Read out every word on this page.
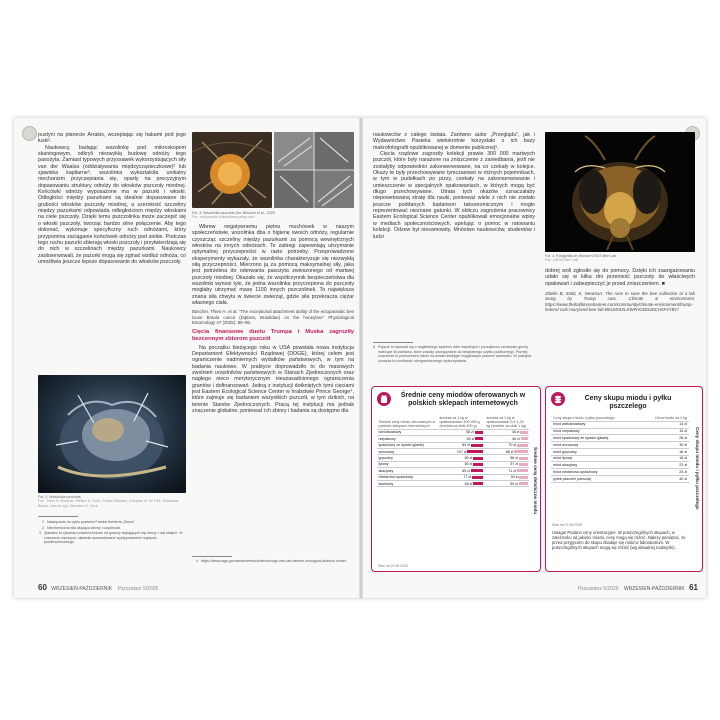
pustyni na planecie Arrakis, wczepiając się hakami pod jego łuski¹.

Naukowcy, badając wszolinkę pod mikroskopem skaningowym, odkryli niezwykłą budowę odnóży tego pasożyta. Zamiast typowych przyssawek wykorzystujących siły van der Waalsa (oddziaływania międzycząsteczkowe)² lub zjawiska kapilarne³, wszolinka wykształciła unikalny mechanizm przyczepiania się, oparty na precyzyjnym dopasowaniu struktury odnóży do włosków pszczoły miodnej. Końcówki odnóży wyposażone ma w pazurki i włoski. Odległości między pazurkami są idealnie dopasowane do grubości włosków pszczoły miodnej, a szerokość szczeliny między pazurkami odpowiada odległościom między włoskami na ciele pszczoły. Dzięki temu pszczolinka może zaczepić się o włoski pszczoły, tworząc bardzo silne połączenie. Aby tego dokonać, wykonuje specyficzny ruch odnóżami, który przypomina zaciąganie końcówek odnóży pod siebie. Podczas tego ruchu pazurki zbierają włoski pszczoły i przytwierdzają się do nich w szczelinach między pazurkami. Naukowcy zaobserwowali, że pazurki mogą się zginać wzdłuż odnóża, co umożliwia jeszcze lepsze dopasowanie do włosków pszczoły.

Fot. 2. Wszolinka pszczela.
Fot.: Thies H. Büscher, Steffen N. Gorb, Fabian Bäumer, Christian W. W. Pirk, Sebastian Büsse, Lars Krogh, Stanislav N. Gorb
1 Nawiązanie do cyklu powieści Franka Herberta „Diuna”.
2 Niechemiczna siła wiążąca atomy i cząsteczki.
3 Zjawisko to zjawisko powierzchniowe na granicy stykających się cieczy i ciał stałych. W znaczeniu węższym: zjawisko spowodowane występowaniem napięcia powierzchniowego.
Fot. 3. Wszolinka pszczela (fot. Büscher et al., 2025
Fot.: resjournals.onlinelibrary.wiley.com

Wbrew negatywnemu piętnu muchówek w naszym społeczeństwie, wszolinka dba o higienę swoich odnóży, regularnie czyszcząc szczeliny między pazurkami za pomocą wewnętrznych włosków na innych odnóżach. Te zabiegi zapewniają utrzymanie optymalnej przyczepności w razie potrzeby. Przeprowadzone eksperymenty wykazały, że wszolinka charakteryzuje się niezwykłą siłą przyczepności. Mierzono ją za pomocą maksymalnej siły, jaka jest potrzebna do oderwania pasożyta zwieszonego od martwej pszczoły miodnej. Okazało się, że współczynnik bezpieczeństwa dla wszolinki wynosi tyle, że jedna wszolinka przyczepiona do pszczoły mogłaby utrzymać masę 1100 innych pszczolinek. To największa znana siła chwytu w świecie zwierząt, gdzie siła przekracza ciężar własnego ciała.

Büscher, Thies H. et al. "The exceptional attachment ability of the ectoparasitic bee louse Braula coeca (Diptera, Braulidae) on the honeybee" Physiological Entomology 47 (2025): 85–95.
Cięcia finansowe duetu Trumpa i Muska zagroziły bezcennym zbiorom pszczół

Na początku bieżącego roku w USA powstała nowa instytucja Departament Efektywności Rządowej (DOGE), której celem jest ograniczenie nadmiernych wydatków państwowych, w tym na badania naukowe. W praktyce doprowadziło to do masowych zwolnień urzędników państwowych w Stanach Zjednoczonych oraz nagłego nieco merytorycznym nieuzasadnionego ograniczenia grantów i dofinansowań. Jedną z instytucji dotkniętych tymi cięciami jest Eastern Ecological Science Center w hrabstwie Prince George⁴, które zajmuje się badaniem wszystkich pszczół, w tym dzikich, na terenie Stanów Zjednoczonych. Pracą tej instytucji ma jednak znaczenie globalne, ponieważ ich zbiory i badania są dostępne dla

4 https://www.usgs.gov/centers/eesc/science/usgs-bee-lab-eastern-ecological-science-center.
60 WRZESIEŃ-PAŹDZIERNIK Pszczelarz 5/2025

naukowców z całego świata. Zarówno autor „Przeglądu”, jak i Wydawnictwo Pasieka wielokrotnie korzystało z ich bazy makrofotografii opublikowanej w domenie publicznej⁵.

Cięcia rządowe zagroziły kolekcji prawie 300 000 martwych pszczół, które były narażone na zniszczenie z zaniedbania, jeśli nie zostałyby odpowiednio zakonserwowane, na co czekały w kolejce. Okazy te były przechowywane tymczasowo w różnych pojemnikach, w tym w pudełkach po pizzy, czekały na zakonserwowanie i umieszczenie w specjalnych opakowaniach, w których mogą być długo przechowywane. Utrata tych okazów oznaczałaby niepowetowaną stratę dla nauki, ponieważ wiele z nich nie zostało jeszcze poddanych badaniom taksonomicznym i mogło reprezentować nieznane gatunki. W obliczu zagrożenia pracownicy Eastern Ecological Science Center opublikowali emocjonalne wpisy w mediach społecznościowych, apelując o pomoc w ratowaniu kolekcji. Odzew był niesamowity. Mnóstwo naukowców, studentów i ludzi

5 Pojęcie to wywodzi się z angielskiego systemu dóbr wspólnych i początkowo oznaczało grunty należące do państwa, które zostały udostępnione do bezpłatnego użytku publicznego. Później znaczenie to przeniesiono także na dzieła nieobjęte majątkowym prawem autorskim. W praktyce oznacza to możliwość nieograniczonego wykorzystania.
Fot. 4. Fotografia ze zbiorów USGS Bee Lab
Fot.: USGS Bee Lab

dobrej woli zgłosiło się do pomocy. Dzięki ich zaangażowaniu udało się w kilka dni przenieść pszczoły do właściwych opakowań i zabezpieczyć je przed zniszczeniem. ■

Zitiello B, Snitti, K, Newman. The race to save the bee collection at a lab stung by Trump cuts, Climate & environment, https://www.thebaltimorebanner.com/community/climate-environment/trump-federal-cuts-maryland-bee-lab-BKUWSXLKWFHGDD3DCH5F4YBY/
Średnie ceny miodów oferowanych w polskich sklepach internetowych
Średnie ceny detaliczne miodu
Średnie ceny miodu oferowanych w polskich sklepach internetowych	średnia za 1 kg w opakowaniach 400-450 g (średnia za słoik 400 g)	średnia za 1 kg w opakowaniach 0,9-1,25 kg (średnia za słoik 1 kg)
wielokwiatowy	58 zł	48 zł
rzepakowy	55 zł	46 zł
spadziowy ze spadzi iglastej	84 zł	70 zł
wrzosowy	107 zł	88 zł
gryczany	69 zł	58 zł
lipowy	69 zł	57 zł
akacjowy	85 zł	71 zł
nektarowo-spadziowy	77 zł	54 zł
faceliowy	68 zł	59 zł
Stan na 07.08.2025
Ceny skupu miodu i pyłku pszczelego
Ceny skupu miodu i pyłku pszczelego
Ceny skupu miodu i pyłku pszczelego	Cena brutto za 1 kg
miód wielokwiatowy	14 zł
miód rzepakowy	15 zł
miód spadziowy ze spadzi iglastej	28 zł
miód wrzosowy	30 zł
miód gryczany	18 zł
miód lipowy	18 zł
miód akacjowy	23 zł
miód nektarowo-spadziowy	25 zł
pyłek pszczeli (obnóża)	40 zł
Stan na 07.08.2025
Uwaga! Podano ceny orientacyjne. W poszczególnych skupach, w zależności od jakości miodu, ceny mogą się różnić. Należy pamiętać, że przed przyjęciem do skupu zbadaje się miód w laboratorium. W poszczególnych skupach mogą się różnić (wg aktualnej nadwyżki).
Pszczelarz 5/2025 WRZESIEŃ-PAŹDZIERNIK 61
